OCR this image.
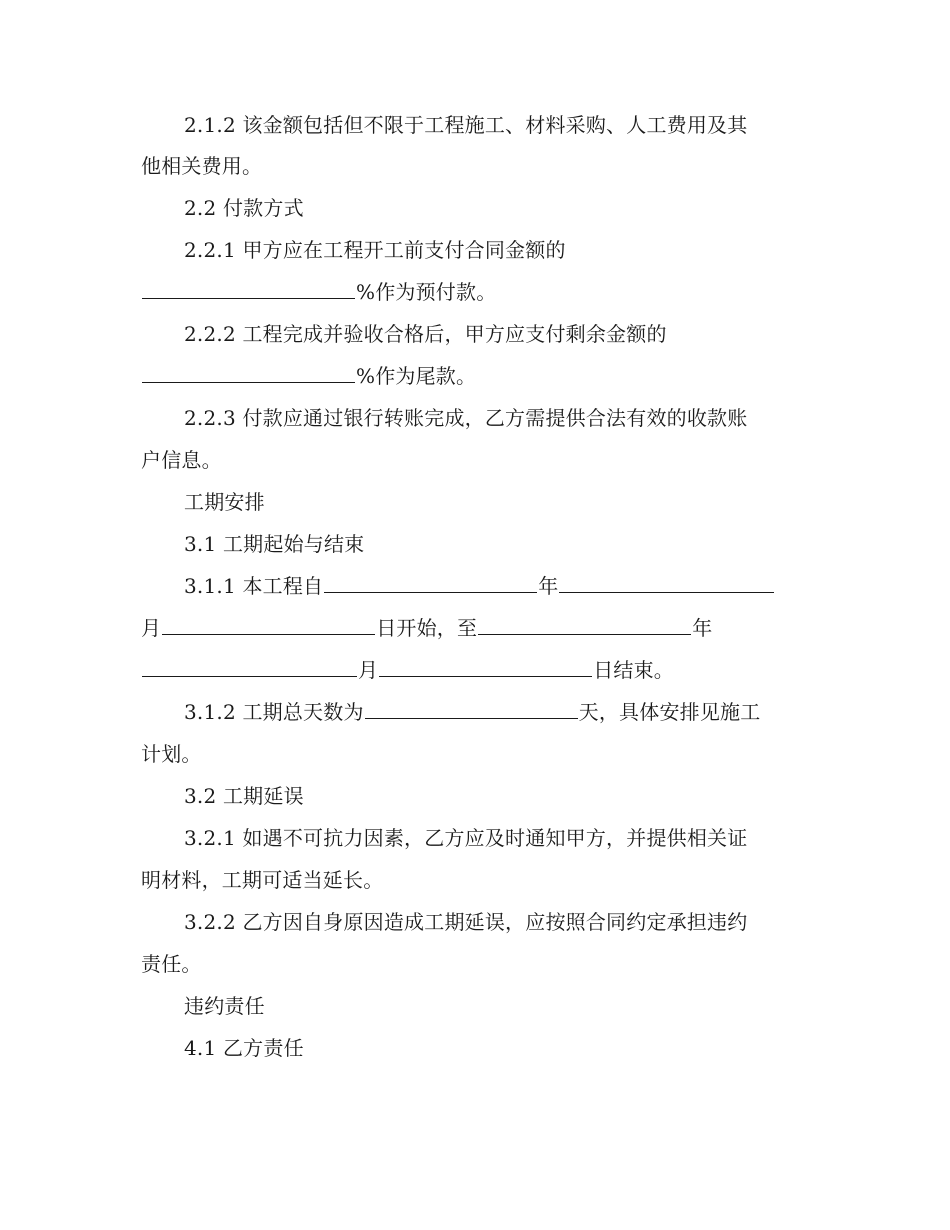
2.1.2 该金额包括但不限于工程施工、材料采购、人工费用及其
他相关费用。
2.2 付款方式
2.2.1 甲方应在工程开工前支付合同金额的
%作为预付款。
2.2.2 工程完成并验收合格后，甲方应支付剩余金额的
%作为尾款。
2.2.3 付款应通过银行转账完成，乙方需提供合法有效的收款账
户信息。
工期安排
3.1 工期起始与结束
3.1.1 本工程自	年
月	日开始，至	年
月	日结束。
3.1.2 工期总天数为	天，具体安排见施工
计划。
3.2 工期延误
3.2.1 如遇不可抗力因素，乙方应及时通知甲方，并提供相关证
明材料，工期可适当延长。
3.2.2 乙方因自身原因造成工期延误，应按照合同约定承担违约
责任。
违约责任
4.1 乙方责任
